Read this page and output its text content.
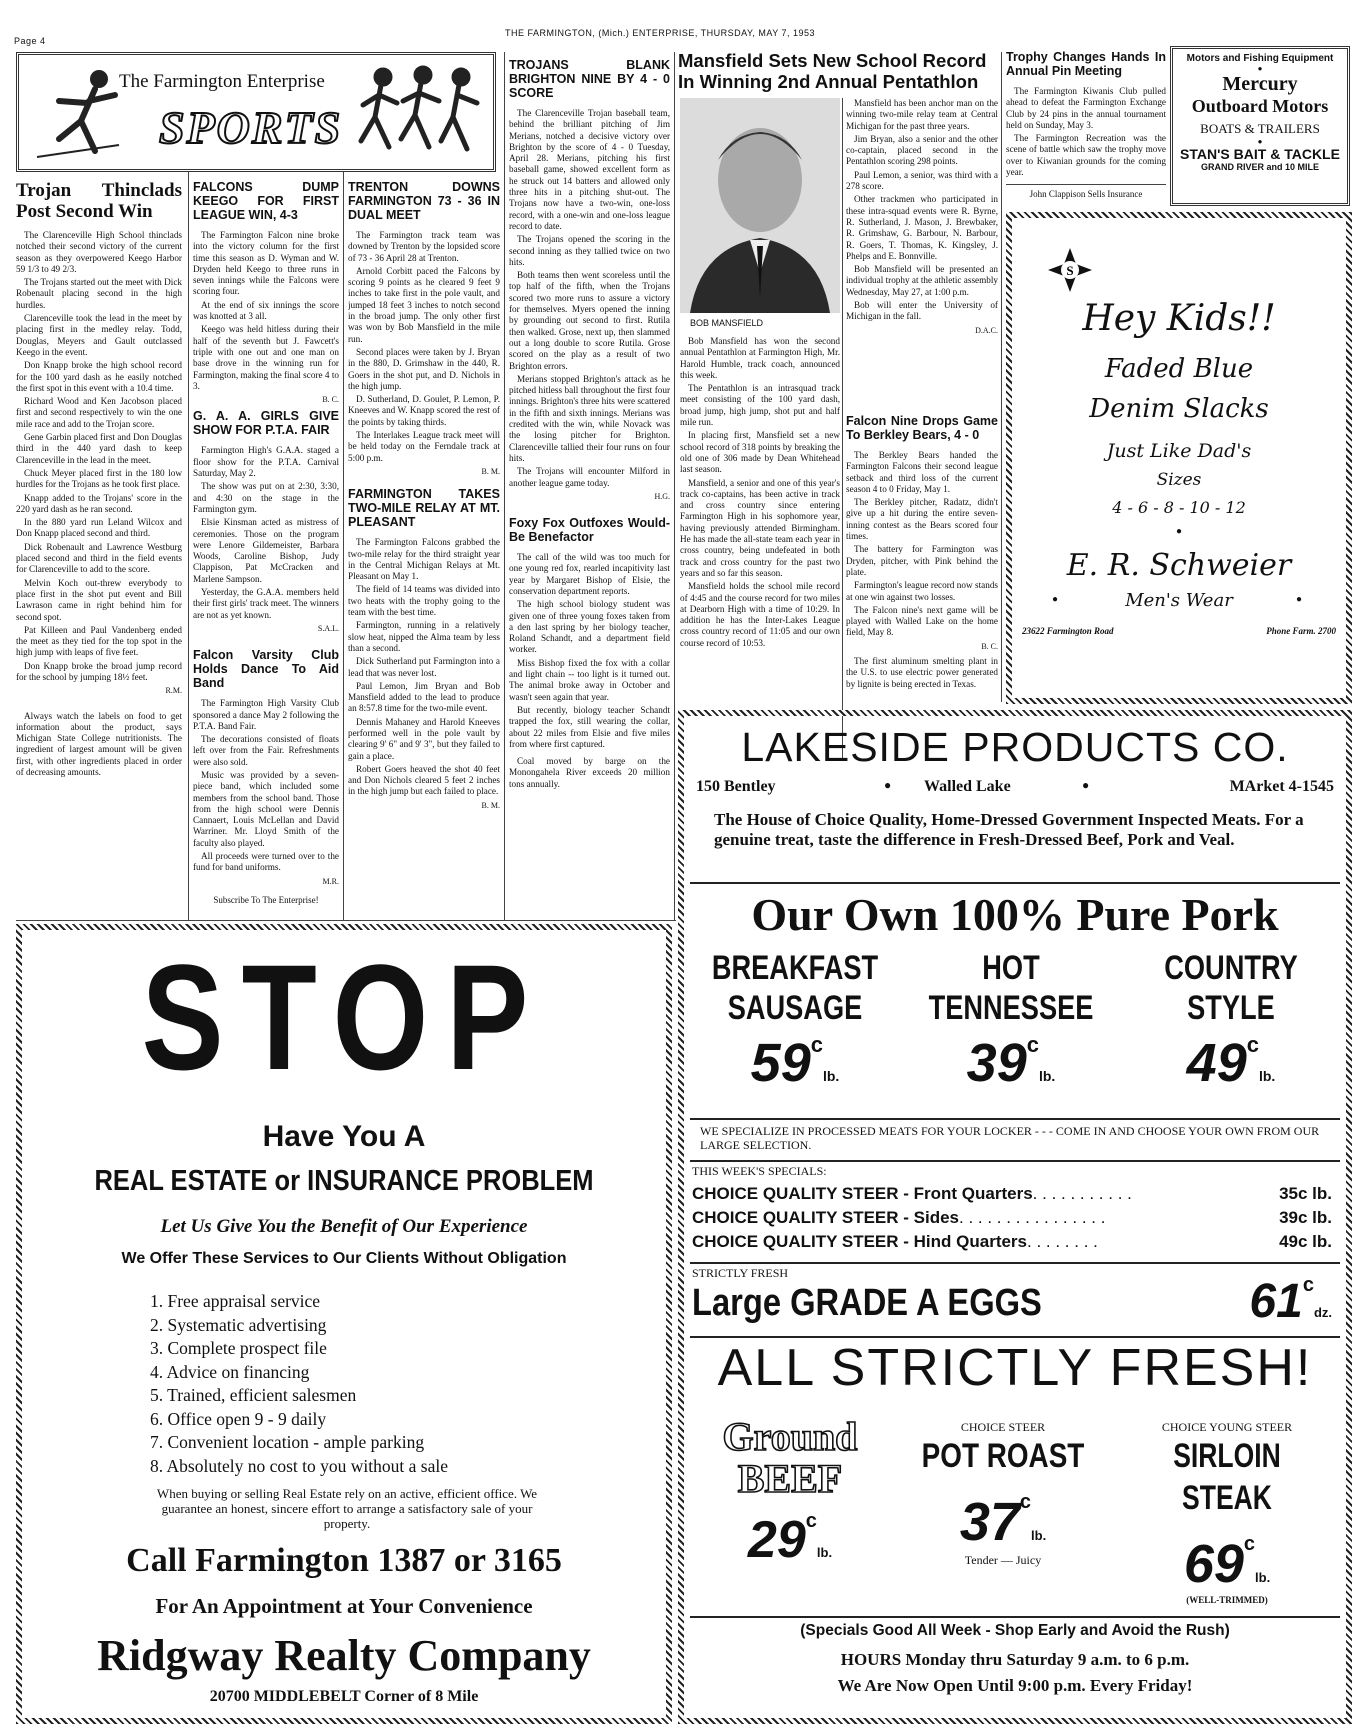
Page 4
THE FARMINGTON, (Mich.) ENTERPRISE, THURSDAY, MAY 7, 1953
The Farmington Enterprise
SPORTS
Trojan Thinclads Post Second Win

The Clarenceville High School thinclads notched their second victory of the current season as they overpowered Keego Harbor 59 1/3 to 49 2/3.

The Trojans started out the meet with Dick Robenault placing second in the high hurdles.

Clarenceville took the lead in the meet by placing first in the medley relay. Todd, Douglas, Meyers and Gault outclassed Keego in the event.

Don Knapp broke the high school record for the 100 yard dash as he easily notched the first spot in this event with a 10.4 time.

Richard Wood and Ken Jacobson placed first and second respectively to win the one mile race and add to the Trojan score.

Gene Garbin placed first and Don Douglas third in the 440 yard dash to keep Clarenceville in the lead in the meet.

Chuck Meyer placed first in the 180 low hurdles for the Trojans as he took first place.

Knapp added to the Trojans' score in the 220 yard dash as he ran second.

In the 880 yard run Leland Wilcox and Don Knapp placed second and third.

Dick Robenault and Lawrence Westburg placed second and third in the field events for Clarenceville to add to the score.

Melvin Koch out-threw everybody to place first in the shot put event and Bill Lawrason came in right behind him for second spot.

Pat Killeen and Paul Vandenberg ended the meet as they tied for the top spot in the high jump with leaps of five feet.

Don Knapp broke the broad jump record for the school by jumping 18½ feet.

R.M.

Always watch the labels on food to get information about the product, says Michigan State College nutritionists. The ingredient of largest amount will be given first, with other ingredients placed in order of decreasing amounts.

FALCONS DUMP KEEGO FOR FIRST LEAGUE WIN, 4-3

The Farmington Falcon nine broke into the victory column for the first time this season as D. Wyman and W. Dryden held Keego to three runs in seven innings while the Falcons were scoring four.

At the end of six innings the score was knotted at 3 all.

Keego was held hitless during their half of the seventh but J. Fawcett's triple with one out and one man on base drove in the winning run for Farmington, making the final score 4 to 3.

B. C.
G. A. A. GIRLS GIVE SHOW FOR P.T.A. FAIR

Farmington High's G.A.A. staged a floor show for the P.T.A. Carnival Saturday, May 2.

The show was put on at 2:30, 3:30, and 4:30 on the stage in the Farmington gym.

Elsie Kinsman acted as mistress of ceremonies. Those on the program were Lenore Gildemeister, Barbara Woods, Caroline Bishop, Judy Clappison, Pat McCracken and Marlene Sampson.

Yesterday, the G.A.A. members held their first girls' track meet. The winners are not as yet known.

S.A.L.
Falcon Varsity Club Holds Dance To Aid Band

The Farmington High Varsity Club sponsored a dance May 2 following the P.T.A. Band Fair.

The decorations consisted of floats left over from the Fair. Refreshments were also sold.

Music was provided by a seven-piece band, which included some members from the school band. Those from the high school were Dennis Cannaert, Louis McLellan and David Warriner. Mr. Lloyd Smith of the faculty also played.

All proceeds were turned over to the fund for band uniforms.

M.R.
Subscribe To The Enterprise!
TRENTON DOWNS FARMINGTON 73 - 36 IN DUAL MEET

The Farmington track team was downed by Trenton by the lopsided score of 73 - 36 April 28 at Trenton.

Arnold Corbitt paced the Falcons by scoring 9 points as he cleared 9 feet 9 inches to take first in the pole vault, and jumped 18 feet 3 inches to notch second in the broad jump. The only other first was won by Bob Mansfield in the mile run.

Second places were taken by J. Bryan in the 880, D. Grimshaw in the 440, R. Goers in the shot put, and D. Nichols in the high jump.

D. Sutherland, D. Goulet, P. Lemon, P. Kneeves and W. Knapp scored the rest of the points by taking thirds.

The Interlakes League track meet will be held today on the Ferndale track at 5:00 p.m.

B. M.
FARMINGTON TAKES TWO-MILE RELAY AT MT. PLEASANT

The Farmington Falcons grabbed the two-mile relay for the third straight year in the Central Michigan Relays at Mt. Pleasant on May 1.

The field of 14 teams was divided into two heats with the trophy going to the team with the best time.

Farmington, running in a relatively slow heat, nipped the Alma team by less than a second.

Dick Sutherland put Farmington into a lead that was never lost.

Paul Lemon, Jim Bryan and Bob Mansfield added to the lead to produce an 8:57.8 time for the two-mile event.

Dennis Mahaney and Harold Kneeves performed well in the pole vault by clearing 9' 6" and 9' 3", but they failed to gain a place.

Robert Goers heaved the shot 40 feet and Don Nichols cleared 5 feet 2 inches in the high jump but each failed to place.

B. M.
TROJANS BLANK BRIGHTON NINE BY 4 - 0 SCORE

The Clarenceville Trojan baseball team, behind the brilliant pitching of Jim Merians, notched a decisive victory over Brighton by the score of 4 - 0 Tuesday, April 28. Merians, pitching his first baseball game, showed excellent form as he struck out 14 batters and allowed only three hits in a pitching shut-out. The Trojans now have a two-win, one-loss record, with a one-win and one-loss league record to date.

The Trojans opened the scoring in the second inning as they tallied twice on two hits.

Both teams then went scoreless until the top half of the fifth, when the Trojans scored two more runs to assure a victory for themselves. Myers opened the inning by grounding out second to first. Rutila then walked. Grose, next up, then slammed out a long double to score Rutila. Grose scored on the play as a result of two Brighton errors.

Merians stopped Brighton's attack as he pitched hitless ball throughout the first four innings. Brighton's three hits were scattered in the fifth and sixth innings. Merians was credited with the win, while Novack was the losing pitcher for Brighton. Clarenceville tallied their four runs on four hits.

The Trojans will encounter Milford in another league game today.

H.G.
Foxy Fox Outfoxes Would-Be Benefactor

The call of the wild was too much for one young red fox, rearled incapitivity last year by Margaret Bishop of Elsie, the conservation department reports.

The high school biology student was given one of three young foxes taken from a den last spring by her biology teacher, Roland Schandt, and a department field worker.

Miss Bishop fixed the fox with a collar and light chain -- too light is it turned out. The animal broke away in October and wasn't seen again that year.

But recently, biology teacher Schandt trapped the fox, still wearing the collar, about 22 miles from Elsie and five miles from where first captured.

Coal moved by barge on the Monongahela River exceeds 20 million tons annually.

Mansfield Sets New School Record In Winning 2nd Annual Pentathlon
BOB MANSFIELD

Bob Mansfield has won the second annual Pentathlon at Farmington High, Mr. Harold Humble, track coach, announced this week.

The Pentathlon is an intrasquad track meet consisting of the 100 yard dash, broad jump, high jump, shot put and half mile run.

In placing first, Mansfield set a new school record of 318 points by breaking the old one of 306 made by Dean Whitehead last season.

Mansfield, a senior and one of this year's track co-captains, has been active in track and cross country since entering Farmington High in his sophomore year, having previously attended Birmingham. He has made the all-state team each year in cross country, being undefeated in both track and cross country for the past two years and so far this season.

Mansfield holds the school mile record of 4:45 and the course record for two miles at Dearborn High with a time of 10:29. In addition he has the Inter-Lakes League cross country record of 11:05 and our own course record of 10:53.

Mansfield has been anchor man on the winning two-mile relay team at Central Michigan for the past three years.

Jim Bryan, also a senior and the other co-captain, placed second in the Pentathlon scoring 298 points.

Paul Lemon, a senior, was third with a 278 score.

Other trackmen who participated in these intra-squad events were R. Byrne, R. Sutherland, J. Mason, J. Brewbaker, R. Grimshaw, G. Barbour, N. Barbour, R. Goers, T. Thomas, K. Kingsley, J. Phelps and E. Bonnville.

Bob Mansfield will be presented an individual trophy at the athletic assembly Wednesday, May 27, at 1:00 p.m.

Bob will enter the University of Michigan in the fall.

D.A.C.
Falcon Nine Drops Game To Berkley Bears, 4 - 0

The Berkley Bears handed the Farmington Falcons their second league setback and third loss of the current season 4 to 0 Friday, May 1.

The Berkley pitcher, Radatz, didn't give up a hit during the entire seven-inning contest as the Bears scored four times.

The battery for Farmington was Dryden, pitcher, with Pink behind the plate.

Farmington's league record now stands at one win against two losses.

The Falcon nine's next game will be played with Walled Lake on the home field, May 8.

B. C.

The first aluminum smelting plant in the U.S. to use electric power generated by lignite is being erected in Texas.

Trophy Changes Hands In Annual Pin Meeting

The Farmington Kiwanis Club pulled ahead to defeat the Farmington Exchange Club by 24 pins in the annual tournament held on Sunday, May 3.

The Farmington Recreation was the scene of battle which saw the trophy move over to Kiwanian grounds for the coming year.

John Clappison Sells Insurance
Motors and Fishing Equipment
●
Mercury
Outboard Motors
BOATS & TRAILERS
●
STAN'S BAIT & TACKLE
GRAND RIVER and 10 MILE
S
Hey Kids!!
Faded Blue
Denim Slacks
Just Like Dad's
Sizes
4 - 6 - 8 - 10 - 12
●
E. R. Schweier
Men's Wear
●	●
23622 Farmington Road	Phone Farm. 2700
STOP
Have You A
REAL ESTATE or INSURANCE PROBLEM
Let Us Give You the Benefit of Our Experience
We Offer These Services to Our Clients Without Obligation
1. Free appraisal service
2. Systematic advertising
3. Complete prospect file
4. Advice on financing
5. Trained, efficient salesmen
6. Office open 9 - 9 daily
7. Convenient location - ample parking
8. Absolutely no cost to you without a sale
When buying or selling Real Estate rely on an active, efficient office. We guarantee an honest, sincere effort to arrange a satisfactory sale of your property.
Call Farmington 1387 or 3165
For An Appointment at Your Convenience
Ridgway Realty Company
20700 MIDDLEBELT Corner of 8 Mile
LAKESIDE PRODUCTS CO.
150 Bentley	● Walled Lake	●	MArket 4-1545
The House of Choice Quality, Home-Dressed Government Inspected Meats. For a genuine treat, taste the difference in Fresh-Dressed Beef, Pork and Veal.
Our Own 100% Pure Pork
BREAKFAST
SAUSAGE
59clb.
HOT
TENNESSEE
39clb.
COUNTRY
STYLE
49clb.
WE SPECIALIZE IN PROCESSED MEATS FOR YOUR LOCKER - - - COME IN AND CHOOSE YOUR OWN FROM OUR LARGE SELECTION.
THIS WEEK'S SPECIALS:
CHOICE QUALITY STEER - Front Quarters . . . . . . . . . . .	35c lb.
CHOICE QUALITY STEER - Sides . . . . . . . . . . . . . . . .	39c lb.
CHOICE QUALITY STEER - Hind Quarters . . . . . . . .	49c lb.
STRICTLY FRESH
Large GRADE A EGGS	61cdz.
ALL STRICTLY FRESH!
Ground
BEEF
29clb.
CHOICE STEER
POT ROAST
37clb.
Tender — Juicy
CHOICE YOUNG STEER
SIRLOIN STEAK
69clb.
(WELL-TRIMMED)
(Specials Good All Week - Shop Early and Avoid the Rush)
HOURS Monday thru Saturday 9 a.m. to 6 p.m.
We Are Now Open Until 9:00 p.m. Every Friday!
